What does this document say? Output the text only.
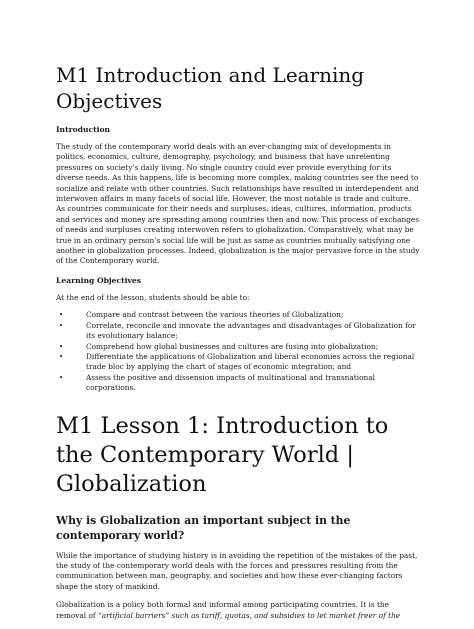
M1 Introduction and Learning Objectives
Introduction

The study of the contemporary world deals with an ever-changing mix of developments in politics, economics, culture, demography, psychology, and business that have unrelenting pressures on society’s daily living. No single country could ever provide everything for its diverse needs. As this happens, life is becoming more complex, making countries see the need to socialize and relate with other countries. Such relationships have resulted in interdependent and interwoven affairs in many facets of social life. However, the most notable is trade and culture. As countries communicate for their needs and surpluses, ideas, cultures, information, products and services and money are spreading among countries then and now. This process of exchanges of needs and surpluses creating interwoven refers to globalization. Comparatively, what may be true in an ordinary person’s social life will be just as same as countries mutually satisfying one another in globalization processes. Indeed, globalization is the major pervasive force in the study of the Contemporary world.

Learning Objectives

At the end of the lesson, students should be able to:

•	Compare and contrast between the various theories of Globalization;
•	Correlate, reconcile and innovate the advantages and disadvantages of Globalization for its evolutionary balance;
•	Comprehend how global businesses and cultures are fusing into globalization;
•	Differentiate the applications of Globalization and liberal economies across the regional trade bloc by applying the chart of stages of economic integration; and
•	Assess the positive and dissension impacts of multinational and transnational corporations.
M1 Lesson 1: Introduction to the Contemporary World | Globalization
Why is Globalization an important subject in the contemporary world?

While the importance of studying history is in avoiding the repetition of the mistakes of the past, the study of the contemporary world deals with the forces and pressures resulting from the communication between man, geography, and societies and how these ever-changing factors shape the story of mankind.

Globalization is a policy both formal and informal among participating countries. It is the removal of “artificial barriers” such as tariff, quotas, and subsidies to let market freer of the
